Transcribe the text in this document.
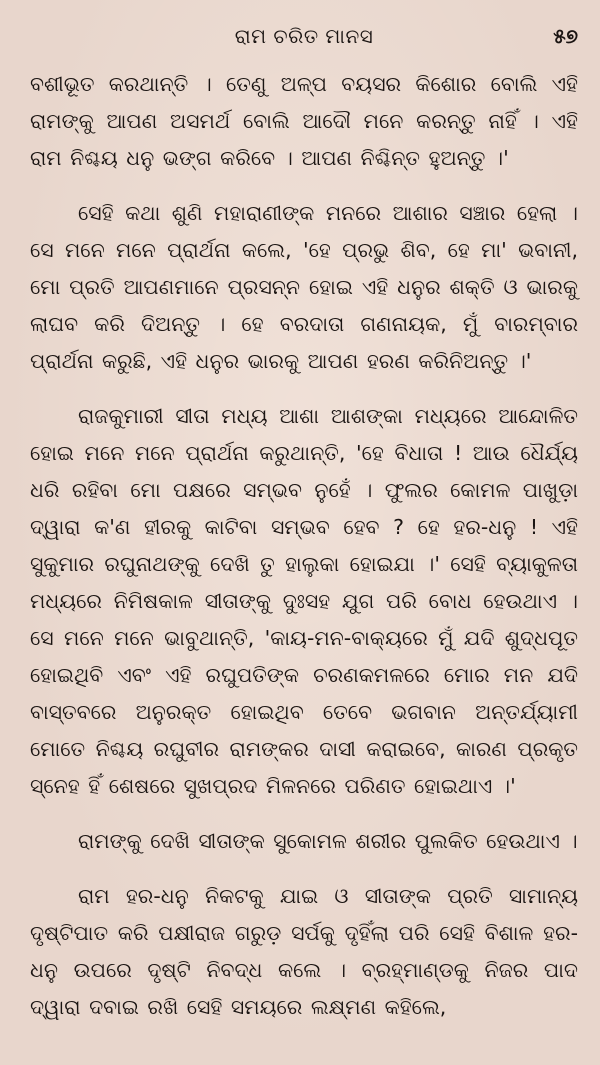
ରାମ ଚରିତ ମାନସ	୫୭

ବଶୀଭୂତ କରଥାନ୍ତି । ତେଣୁ ଅଳ୍ପ ବୟସର କିଶୋର ବୋଲି ଏହି ରାମଙ୍କୁ ଆପଣ ଅସମର୍ଥ ବୋଲି ଆଦୌ ମନେ କରନ୍ତୁ ନାହିଁ । ଏହି ରାମ ନିଶ୍ଚୟ ଧନୁ ଭଙ୍ଗ କରିବେ । ଆପଣ ନିଶ୍ଚିନ୍ତ ହୁଅନ୍ତୁ ।'

ସେହି କଥା ଶୁଣି ମହାରାଣୀଙ୍କ ମନରେ ଆଶାର ସଞ୍ଚାର ହେଲା । ସେ ମନେ ମନେ ପ୍ରାର୍ଥନା କଲେ, 'ହେ ପ୍ରଭୁ ଶିବ, ହେ ମା' ଭବାନୀ, ମୋ ପ୍ରତି ଆପଣମାନେ ପ୍ରସନ୍ନ ହୋଇ ଏହି ଧନୁର ଶକ୍ତି ଓ ଭାରକୁ ଲାଘବ କରି ଦିଅନ୍ତୁ । ହେ ବରଦାତା ଗଣନାୟକ, ମୁଁ ବାରମ୍ବାର ପ୍ରାର୍ଥନା କରୁଛି, ଏହି ଧନୁର ଭାରକୁ ଆପଣ ହରଣ କରିନିଅନ୍ତୁ ।'

ରାଜକୁମାରୀ ସୀତା ମଧ୍ୟ ଆଶା ଆଶଙ୍କା ମଧ୍ୟରେ ଆନ୍ଦୋଳିତ ହୋଇ ମନେ ମନେ ପ୍ରାର୍ଥନା କରୁଥାନ୍ତି, 'ହେ ବିଧାତା ! ଆଉ ଧୈର୍ଯ୍ୟ ଧରି ରହିବା ମୋ ପକ୍ଷରେ ସମ୍ଭବ ନୁହେଁ । ଫୁଲର କୋମଳ ପାଖୁଡ଼ା ଦ୍ୱାରା କ'ଣ ହୀରକୁ କାଟିବା ସମ୍ଭବ ହେବ ? ହେ ହର-ଧନୁ ! ଏହି ସୁକୁମାର ରଘୁନାଥଙ୍କୁ ଦେଖି ତୁ ହାଲୁକା ହୋଇଯା ।' ସେହି ବ୍ୟାକୁଳତା ମଧ୍ୟରେ ନିମିଷକାଳ ସୀତାଙ୍କୁ ଦୁଃସହ ଯୁଗ ପରି ବୋଧ ହେଉଥାଏ । ସେ ମନେ ମନେ ଭାବୁଥାନ୍ତି, 'କାୟ-ମନ-ବାକ୍ୟରେ ମୁଁ ଯଦି ଶୁଦ୍ଧପୂତ ହୋଇଥିବି ଏବଂ ଏହି ରଘୁପତିଙ୍କ ଚରଣକମଳରେ ମୋର ମନ ଯଦି ବାସ୍ତବରେ ଅନୁରକ୍ତ ହୋଇଥିବ ତେବେ ଭଗବାନ ଅନ୍ତର୍ଯ୍ୟାମୀ ମୋତେ ନିଶ୍ଚୟ ରଘୁବୀର ରାମଙ୍କର ଦାସୀ କରାଇବେ, କାରଣ ପ୍ରକୃତ ସ୍ନେହ ହିଁ ଶେଷରେ ସୁଖପ୍ରଦ ମିଳନରେ ପରିଣତ ହୋଇଥାଏ ।'

ରାମଙ୍କୁ ଦେଖି ସୀତାଙ୍କ ସୁକୋମଳ ଶରୀର ପୁଲକିତ ହେଉଥାଏ ।

ରାମ ହର-ଧନୁ ନିକଟକୁ ଯାଇ ଓ ସୀତାଙ୍କ ପ୍ରତି ସାମାନ୍ୟ ଦୃଷ୍ଟିପାତ କରି ପକ୍ଷୀରାଜ ଗରୁଡ଼ ସର୍ପକୁ ଦୃହିଁଲା ପରି ସେହି ବିଶାଳ ହର-ଧନୁ ଉପରେ ଦୃଷ୍ଟି ନିବଦ୍ଧ କଲେ । ବ୍ରହ୍ମାଣ୍ଡକୁ ନିଜର ପାଦ ଦ୍ୱାରା ଦବାଇ ରଖି ସେହି ସମୟରେ ଲକ୍ଷ୍ମଣ କହିଲେ,
